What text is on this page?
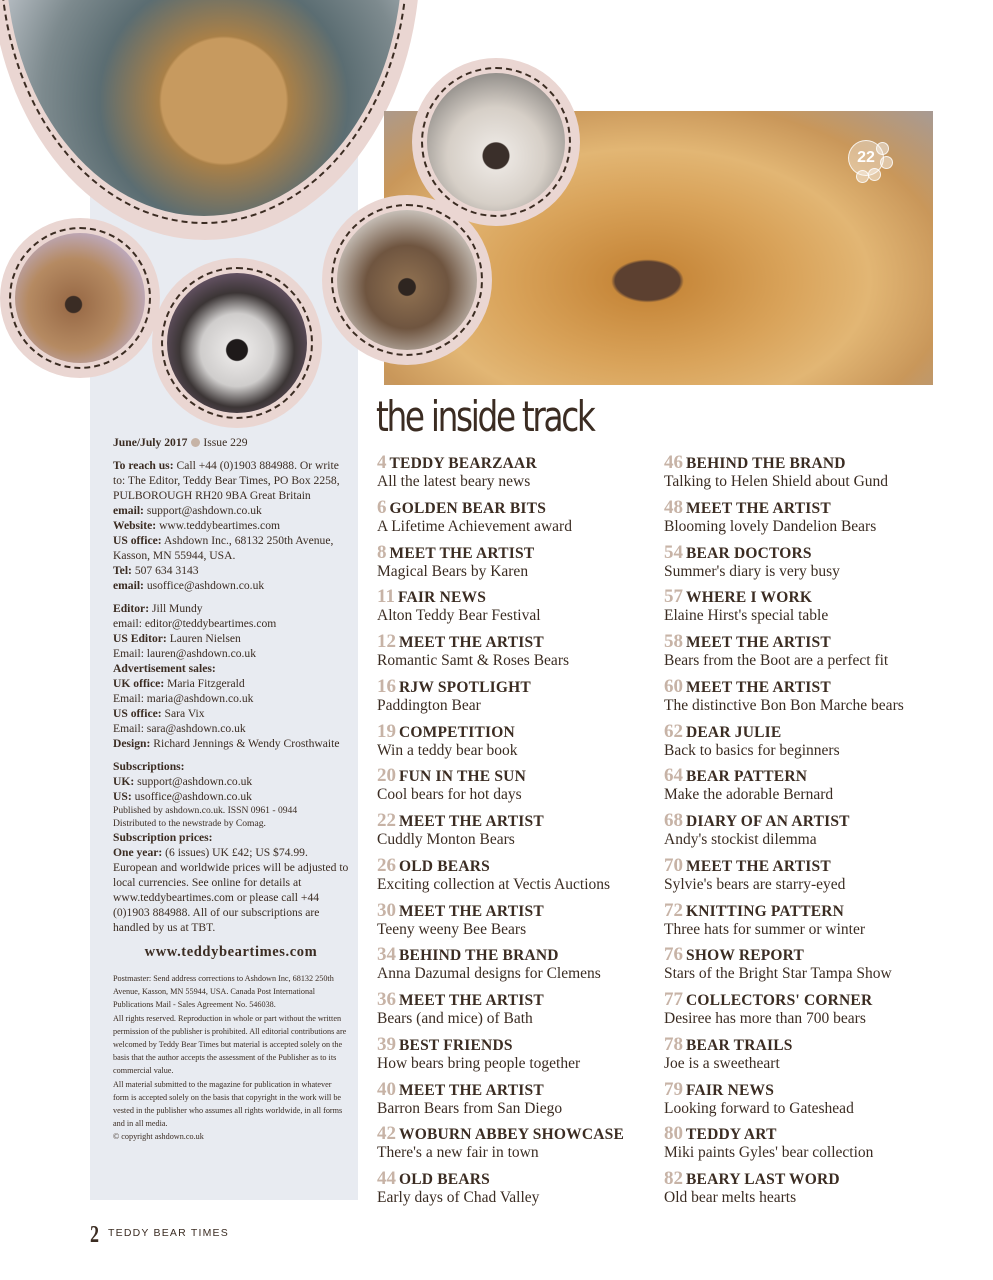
22

June/July 2017 Issue 229

To reach us: Call +44 (0)1903 884988. Or write to: The Editor, Teddy Bear Times, PO Box 2258, PULBOROUGH RH20 9BA Great Britain

email: support@ashdown.co.uk

Website: www.teddybeartimes.com

US office: Ashdown Inc., 68132 250th Avenue, Kasson, MN 55944, USA.

Tel: 507 634 3143

email: usoffice@ashdown.co.uk

Editor: Jill Mundy

email: editor@teddybeartimes.com

US Editor: Lauren Nielsen

Email: lauren@ashdown.co.uk

Advertisement sales:

UK office: Maria Fitzgerald

Email: maria@ashdown.co.uk

US office: Sara Vix

Email: sara@ashdown.co.uk

Design: Richard Jennings & Wendy Crosthwaite

Subscriptions:

UK: support@ashdown.co.uk

US: usoffice@ashdown.co.uk

Published by ashdown.co.uk. ISSN 0961 - 0944

Distributed to the newstrade by Comag.

Subscription prices:

One year: (6 issues) UK £42; US $74.99.

European and worldwide prices will be adjusted to local currencies. See online for details at www.teddybeartimes.com or please call +44 (0)1903 884988. All of our subscriptions are handled by us at TBT.

www.teddybeartimes.com

Postmaster: Send address corrections to Ashdown Inc, 68132 250th Avenue, Kasson, MN 55944, USA. Canada Post International Publications Mail - Sales Agreement No. 546038.

All rights reserved. Reproduction in whole or part without the written permission of the publisher is prohibited. All editorial contributions are welcomed by Teddy Bear Times but material is accepted solely on the basis that the author accepts the assessment of the Publisher as to its commercial value.

All material submitted to the magazine for publication in whatever form is accepted solely on the basis that copyright in the work will be vested in the publisher who assumes all rights worldwide, in all forms and in all media.

© copyright ashdown.co.uk

the inside track
4 TEDDY BEARZAAR
All the latest beary news
6 GOLDEN BEAR BITS
A Lifetime Achievement award
8 MEET THE ARTIST
Magical Bears by Karen
11 FAIR NEWS
Alton Teddy Bear Festival
12 MEET THE ARTIST
Romantic Samt & Roses Bears
16 RJW SPOTLIGHT
Paddington Bear
19 COMPETITION
Win a teddy bear book
20 FUN IN THE SUN
Cool bears for hot days
22 MEET THE ARTIST
Cuddly Monton Bears
26 OLD BEARS
Exciting collection at Vectis Auctions
30 MEET THE ARTIST
Teeny weeny Bee Bears
34 BEHIND THE BRAND
Anna Dazumal designs for Clemens
36 MEET THE ARTIST
Bears (and mice) of Bath
39 BEST FRIENDS
How bears bring people together
40 MEET THE ARTIST
Barron Bears from San Diego
42 WOBURN ABBEY SHOWCASE
There's a new fair in town
44 OLD BEARS
Early days of Chad Valley
46 BEHIND THE BRAND
Talking to Helen Shield about Gund
48 MEET THE ARTIST
Blooming lovely Dandelion Bears
54 BEAR DOCTORS
Summer's diary is very busy
57 WHERE I WORK
Elaine Hirst's special table
58 MEET THE ARTIST
Bears from the Boot are a perfect fit
60 MEET THE ARTIST
The distinctive Bon Bon Marche bears
62 DEAR JULIE
Back to basics for beginners
64 BEAR PATTERN
Make the adorable Bernard
68 DIARY OF AN ARTIST
Andy's stockist dilemma
70 MEET THE ARTIST
Sylvie's bears are starry-eyed
72 KNITTING PATTERN
Three hats for summer or winter
76 SHOW REPORT
Stars of the Bright Star Tampa Show
77 COLLECTORS' CORNER
Desiree has more than 700 bears
78 BEAR TRAILS
Joe is a sweetheart
79 FAIR NEWS
Looking forward to Gateshead
80 TEDDY ART
Miki paints Gyles' bear collection
82 BEARY LAST WORD
Old bear melts hearts
2 $^{TEDDY BEAR TIMES}$
